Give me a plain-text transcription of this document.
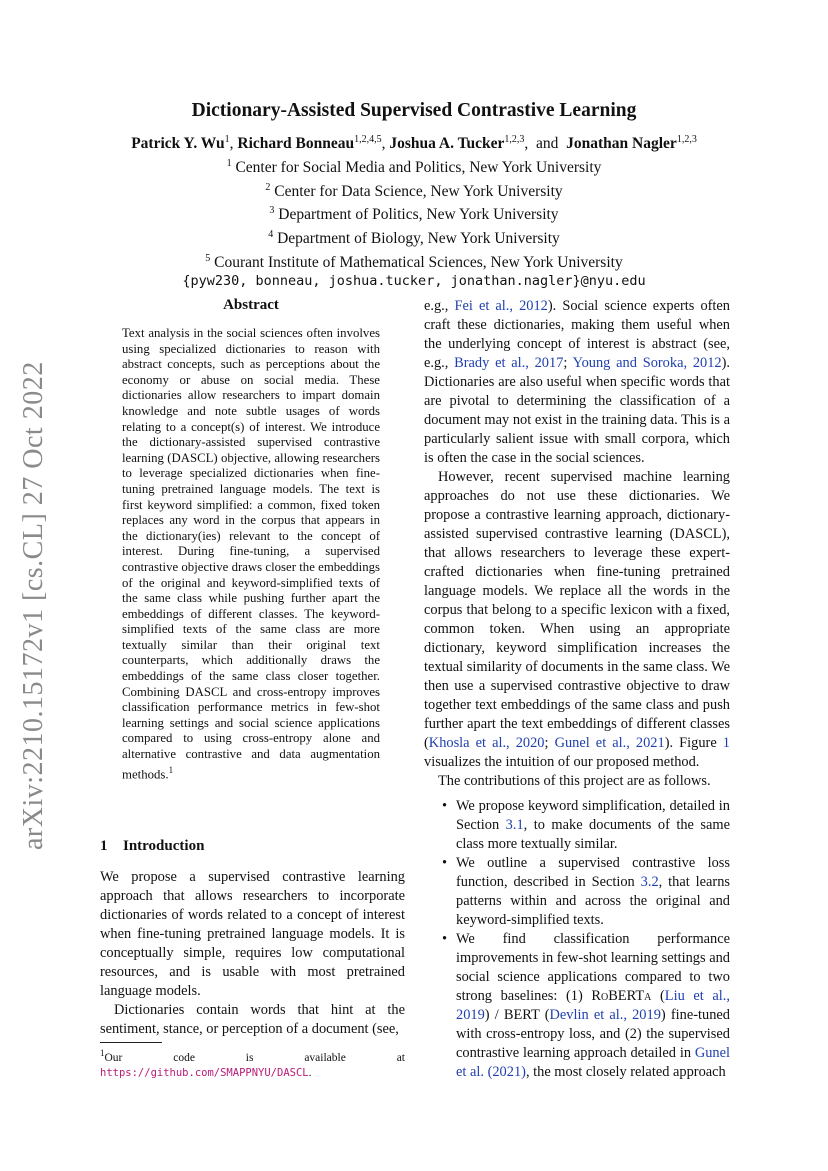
Dictionary-Assisted Supervised Contrastive Learning
Patrick Y. Wu$^1$, Richard Bonneau$^{1,2,4,5}$, Joshua A. Tucker$^{1,2,3}$,  and  Jonathan Nagler$^{1,2,3}$
$^1$ Center for Social Media and Politics, New York University
$^2$ Center for Data Science, New York University
$^3$ Department of Politics, New York University
$^4$ Department of Biology, New York University
$^5$ Courant Institute of Mathematical Sciences, New York University
{pyw230, bonneau, joshua.tucker, jonathan.nagler}@nyu.edu
arXiv:2210.15172v1 [cs.CL] 27 Oct 2022
Abstract
Text analysis in the social sciences often involves using specialized dictionaries to reason with abstract concepts, such as perceptions about the economy or abuse on social media. These dictionaries allow researchers to impart domain knowledge and note subtle usages of words relating to a concept(s) of interest. We introduce the dictionary-assisted supervised contrastive learning (DASCL) objective, allowing researchers to leverage specialized dictionaries when fine-tuning pretrained language models. The text is first keyword simplified: a common, fixed token replaces any word in the corpus that appears in the dictionary(ies) relevant to the concept of interest. During fine-tuning, a supervised contrastive objective draws closer the embeddings of the original and keyword-simplified texts of the same class while pushing further apart the embeddings of different classes. The keyword-simplified texts of the same class are more textually similar than their original text counterparts, which additionally draws the embeddings of the same class closer together. Combining DASCL and cross-entropy improves classification performance metrics in few-shot learning settings and social science applications compared to using cross-entropy alone and alternative contrastive and data augmentation methods.$^1$
1 Introduction

We propose a supervised contrastive learning approach that allows researchers to incorporate dictionaries of words related to a concept of interest when fine-tuning pretrained language models. It is conceptually simple, requires low computational resources, and is usable with most pretrained language models.

Dictionaries contain words that hint at the sentiment, stance, or perception of a document (see,

$^1$Our code is available at https://github.com/SMAPPNYU/DASCL.

e.g., Fei et al., 2012). Social science experts often craft these dictionaries, making them useful when the underlying concept of interest is abstract (see, e.g., Brady et al., 2017; Young and Soroka, 2012). Dictionaries are also useful when specific words that are pivotal to determining the classification of a document may not exist in the training data. This is a particularly salient issue with small corpora, which is often the case in the social sciences.

However, recent supervised machine learning approaches do not use these dictionaries. We propose a contrastive learning approach, dictionary-assisted supervised contrastive learning (DASCL), that allows researchers to leverage these expert-crafted dictionaries when fine-tuning pretrained language models. We replace all the words in the corpus that belong to a specific lexicon with a fixed, common token. When using an appropriate dictionary, keyword simplification increases the textual similarity of documents in the same class. We then use a supervised contrastive objective to draw together text embeddings of the same class and push further apart the text embeddings of different classes (Khosla et al., 2020; Gunel et al., 2021). Figure 1 visualizes the intuition of our proposed method.

The contributions of this project are as follows.

• We propose keyword simplification, detailed in Section 3.1, to make documents of the same class more textually similar.
• We outline a supervised contrastive loss function, described in Section 3.2, that learns patterns within and across the original and keyword-simplified texts.
• We find classification performance improvements in few-shot learning settings and social science applications compared to two strong baselines: (1) RoBERTa (Liu et al., 2019) / BERT (Devlin et al., 2019) fine-tuned with cross-entropy loss, and (2) the supervised contrastive learning approach detailed in Gunel et al. (2021), the most closely related approach
